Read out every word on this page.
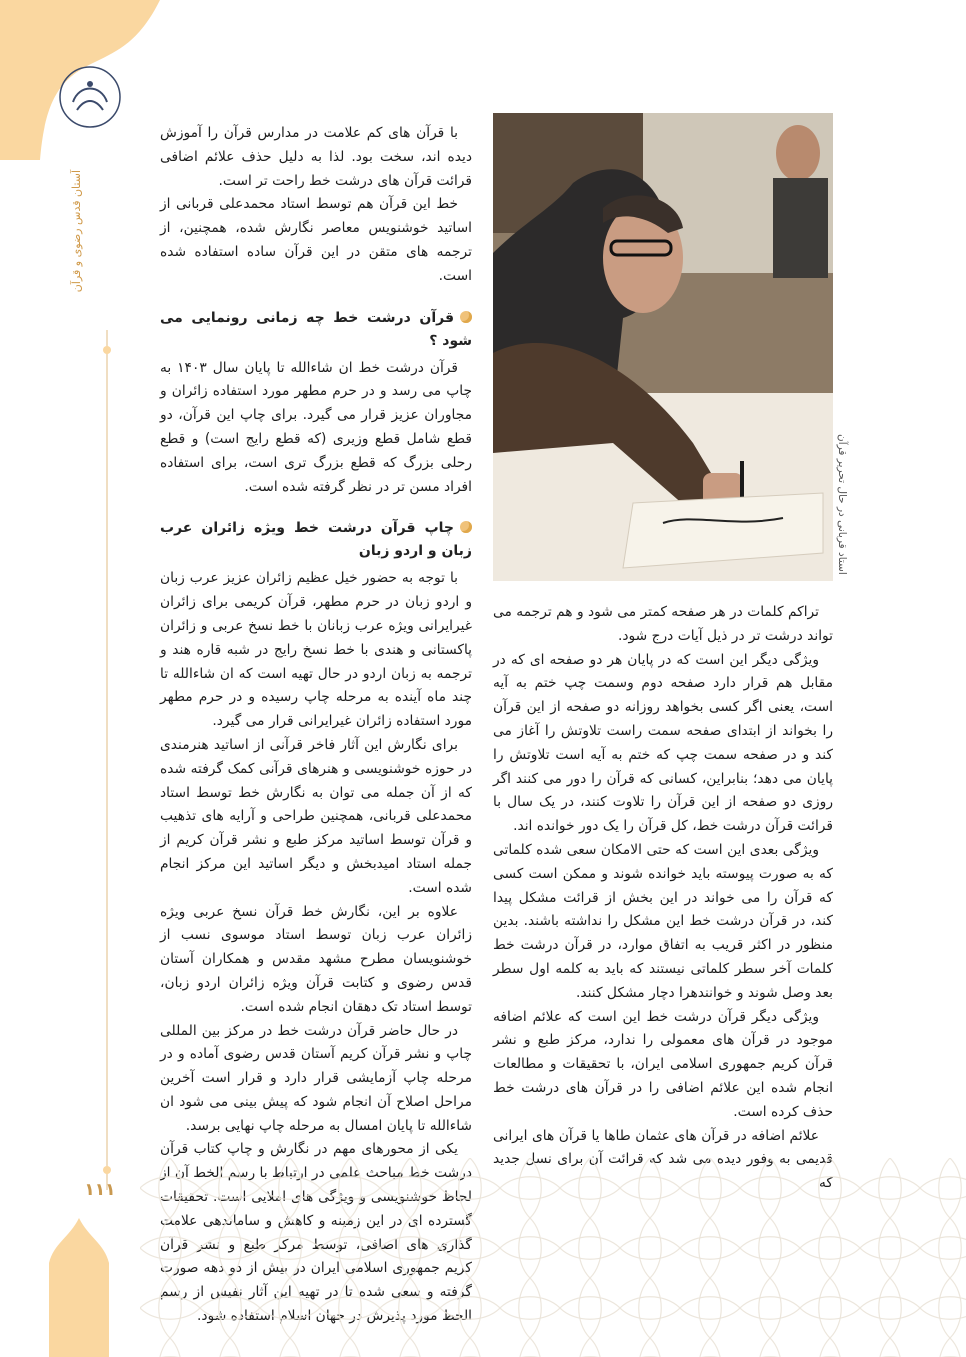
آستان قدس رضوی و قرآن
۱۱۱
استاد قربانی در حال تحریر قرآن

با قرآن های کم علامت در مدارس قرآن را آموزش دیده اند، سخت بود. لذا به دلیل حذف علائم اضافی قرائت قرآن های درشت خط راحت تر است.

خط این قرآن هم توسط استاد محمدعلی قربانی از اساتید خوشنویس معاصر نگارش شده، همچنین، از ترجمه های متقن در این قرآن ساده استفاده شده است.

قرآن درشت خط چه زمانی رونمایی می شود ؟

قرآن درشت خط ان شاءالله تا پایان سال ۱۴۰۳ به چاپ می رسد و در حرم مطهر مورد استفاده زائران و مجاوران عزیز قرار می گیرد. برای چاپ این قرآن، دو قطع شامل قطع وزیری (که قطع رایج است) و قطع رحلی بزرگ که قطع بزرگ تری است، برای استفاده افراد مسن تر در نظر گرفته شده است.

چاپ قرآن درشت خط ویژه زائران عرب زبان و اردو زبان

با توجه به حضور خیل عظیم زائران عزیز عرب زبان و اردو زبان در حرم مطهر، قرآن کریمی برای زائران غیرایرانی ویژه عرب زبانان با خط نسخ عربی و زائران پاکستانی و هندی با خط نسخ رایج در شبه قاره هند و ترجمه به زبان اردو در حال تهیه است که ان شاءالله تا چند ماه آینده به مرحله چاپ رسیده و در حرم مطهر مورد استفاده زائران غیرایرانی قرار می گیرد.

برای نگارش این آثار فاخر قرآنی از اساتید هنرمندی در حوزه خوشنویسی و هنرهای قرآنی کمک گرفته شده که از آن جمله می توان به نگارش خط توسط استاد محمدعلی قربانی، همچنین طراحی و آرایه های تذهیب و قرآن توسط اساتید مرکز طبع و نشر قرآن کریم از جمله استاد امیدبخش و دیگر اساتید این مرکز انجام شده است.

علاوه بر این، نگارش خط قرآن نسخ عربی ویژه زائران عرب زبان توسط استاد موسوی نسب از خوشنویسان مطرح مشهد مقدس و همکاران آستان قدس رضوی و کتابت قرآن ویژه زائران اردو زبان، توسط استاد تک دهقان انجام شده است.

در حال حاضر قرآن درشت خط در مرکز بین المللی چاپ و نشر قرآن کریم آستان قدس رضوی آماده و در مرحله چاپ آزمایشی قرار دارد و قرار است آخرین مراحل اصلاح آن انجام شود که پیش بینی می شود ان شاءالله تا پایان امسال به مرحله چاپ نهایی برسد.

یکی از محورهای مهم در نگارش و چاپ کتاب قرآن

تراکم کلمات در هر صفحه کمتر می شود و هم ترجمه می تواند درشت تر در ذیل آیات درج شود.

ویژگی دیگر این است که در پایان هر دو صفحه ای که در مقابل هم قرار دارد صفحه دوم وسمت چپ ختم به آیه است، یعنی اگر کسی بخواهد روزانه دو صفحه از این قرآن را بخواند از ابتدای صفحه سمت راست تلاوتش را آغاز می کند و در صفحه سمت چپ که ختم به آیه است تلاوتش را پایان می دهد؛ بنابراین، کسانی که قرآن را دور می کنند اگر روزی دو صفحه از این قرآن را تلاوت کنند، در یک سال با قرائت قرآن درشت خط، کل قرآن را یک دور خوانده اند.

ویژگی بعدی این است که حتی الامکان سعی شده کلماتی که به صورت پیوسته باید خوانده شوند و ممکن است کسی که قرآن را می خواند در این بخش از قرائت مشکل پیدا کند، در قرآن درشت خط این مشکل را نداشته باشند. بدین منظور در اکثر قریب به اتفاق موارد، در قرآن درشت خط کلمات آخر سطر کلماتی نیستند که باید به کلمه اول سطر بعد وصل شوند و خوانندهرا دچار مشکل کنند.

ویژگی دیگر قرآن درشت خط این است که علائم اضافه موجود در قرآن های معمولی را ندارد، مرکز طبع و نشر قرآن کریم جمهوری اسلامی ایران، با تحقیقات و مطالعات انجام شده این علائم اضافی را در قرآن های درشت خط حذف کرده است.

علائم اضافه در قرآن های عثمان طاها یا قرآن های ایرانی
